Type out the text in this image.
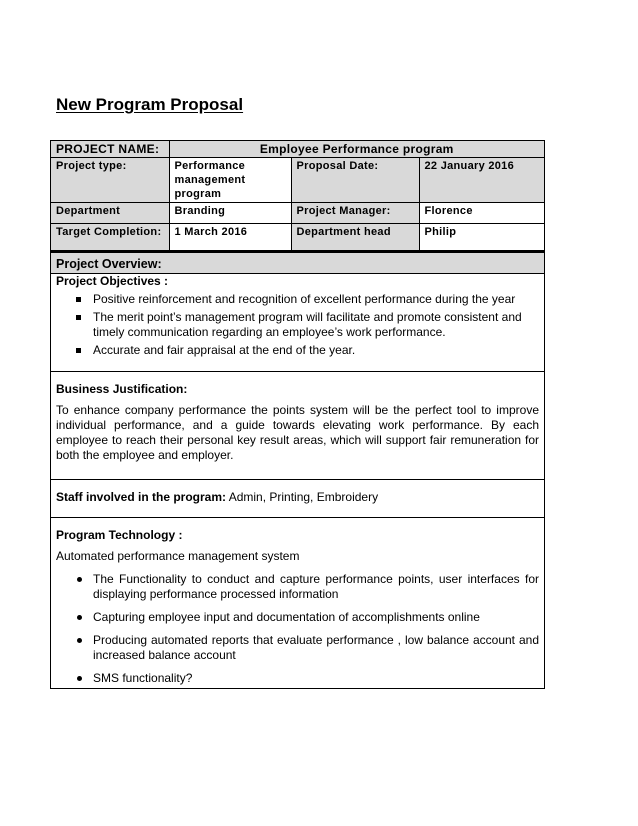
New Program Proposal
PROJECT NAME:	Employee Performance program		
Project type:	Performance management program	Proposal Date:	22 January 2016
Department	Branding	Project Manager:	Florence
Target Completion:	1 March 2016	Department head	Philip
Project Overview:

Project Objectives :

Positive reinforcement and recognition of excellent performance during the year
The merit point’s management program will facilitate and promote consistent and timely communication regarding an employee’s work performance.
Accurate and fair appraisal at the end of the year.

Business Justification:

To enhance company performance the points system will be the perfect tool to improve individual performance, and a guide towards elevating work performance. By each employee to reach their personal key result areas, which will support fair remuneration for both the employee and employer.

Staff involved in the program: Admin, Printing, Embroidery

Program Technology :

Automated performance management system

The Functionality to conduct and capture performance points, user interfaces for displaying performance processed information
Capturing employee input and documentation of accomplishments online
Producing automated reports that evaluate performance , low balance account and increased balance account
SMS functionality?
